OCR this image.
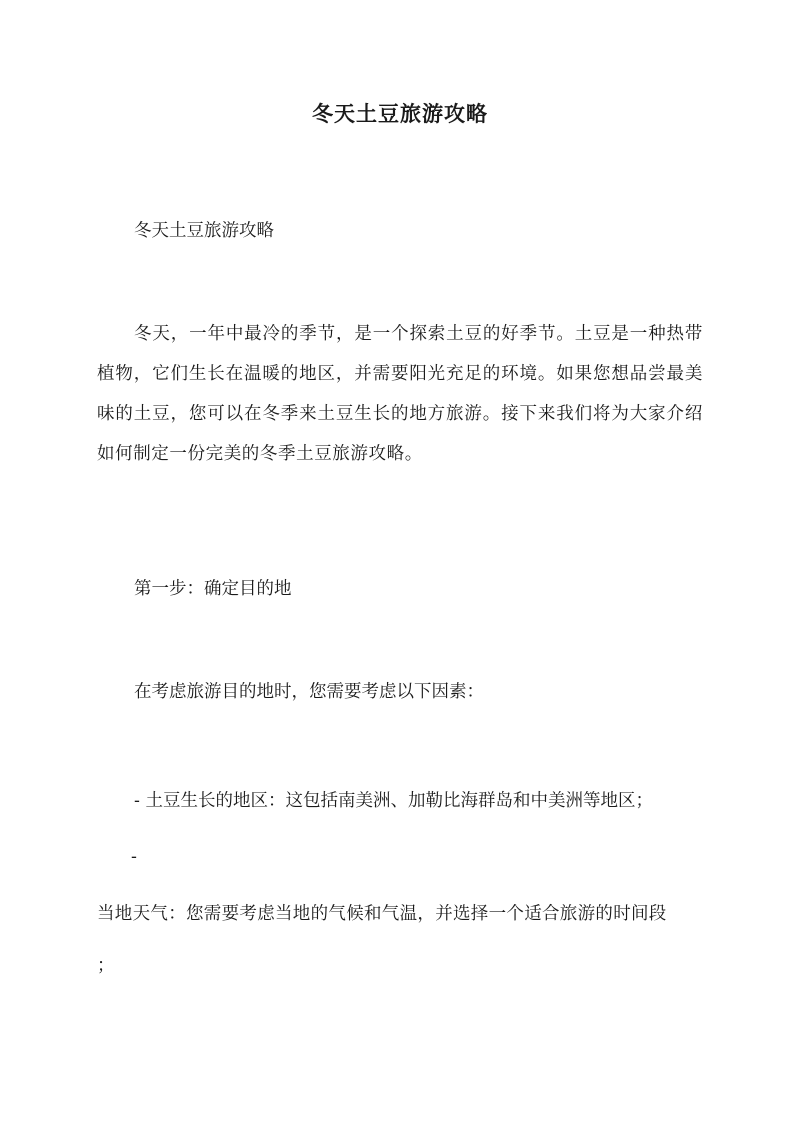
冬天土豆旅游攻略

冬天土豆旅游攻略

冬天，一年中最冷的季节，是一个探索土豆的好季节。土豆是一种热带植物，它们生长在温暖的地区，并需要阳光充足的环境。如果您想品尝最美味的土豆，您可以在冬季来土豆生长的地方旅游。接下来我们将为大家介绍如何制定一份完美的冬季土豆旅游攻略。

第一步：确定目的地

在考虑旅游目的地时，您需要考虑以下因素：

- 土豆生长的地区：这包括南美洲、加勒比海群岛和中美洲等地区；

-

当地天气：您需要考虑当地的气候和气温，并选择一个适合旅游的时间段

；
